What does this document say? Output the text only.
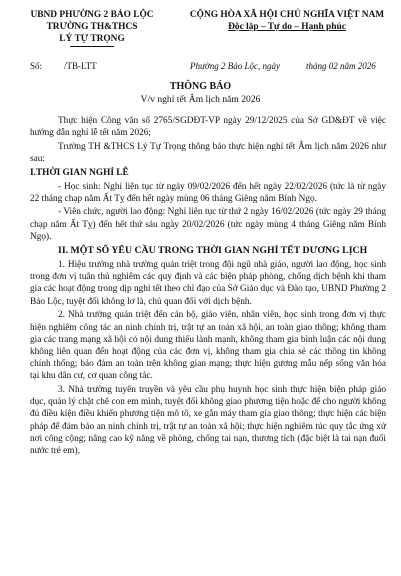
UBND PHƯỜNG 2 BẢO LỘC
TRƯỜNG TH&THCS
LÝ TỰ TRỌNG
CỘNG HÒA XÃ HỘI CHỦ NGHĨA VIỆT NAM
Độc lập – Tự do – Hạnh phúc
Số: /TB-LTT	Phường 2 Bảo Lộc, ngày	tháng 02 năm 2026
THÔNG BÁO
V/v nghỉ tết Âm lịch năm 2026

Thực hiện Công văn số 2765/SGDĐT-VP ngày 29/12/2025 của Sở GD&ĐT về việc hướng dẫn nghỉ lễ tết năm 2026;

Trường TH &THCS Lý Tự Trọng thông báo thực hiện nghỉ tết Âm lịch năm 2026 như sau:

I.THỜI GIAN NGHỈ LỄ

- Học sinh: Nghỉ liên tục từ ngày 09/02/2026 đến hết ngày 22/02/2026 (tức là từ ngày 22 tháng chạp năm Ất Tỵ đến hết ngày mùng 06 tháng Giêng năm Bính Ngọ.

- Viên chức, người lao động: Nghỉ liên tục từ thứ 2 ngày 16/02/2026 (tức ngày 29 tháng chạp năm Ất Tỵ) đến hết thứ sáu ngày 20/02/2026 (tức ngày mùng 4 tháng Giêng năm Bính Ngọ).

II. MỘT SỐ YÊU CẦU TRONG THỜI GIAN NGHỈ TẾT DƯƠNG LỊCH

1. Hiệu trưởng nhà trường quán triệt trong đội ngũ nhà giáo, người lao động, học sinh trong đơn vị tuân thủ nghiêm các quy định và các biện pháp phòng, chống dịch bệnh khi tham gia các hoạt động trong dịp nghỉ tết theo chỉ đạo của Sở Giáo dục và Đào tạo, UBND Phường 2 Bảo Lộc, tuyệt đối không lơ là, chủ quan đối với dịch bệnh.

2. Nhà trường quán triệt đến cán bộ, giáo viên, nhân viên, học sinh trong đơn vị thực hiện nghiêm công tác an ninh chính trị, trật tự an toàn xã hội, an toàn giao thông; không tham gia các trang mạng xã hội có nội dung thiếu lành mạnh, không tham gia bình luận các nội dung không liên quan đến hoạt động của các đơn vị, không tham gia chia sẻ các thông tin không chính thống; bảo đảm an toàn trên không gian mạng; thực hiện gương mẫu nếp sống văn hóa tại khu dân cư, cơ quan công tác.

3. Nhà trường tuyên truyền và yêu cầu phụ huynh học sinh thực hiện biện pháp giáo dục, quản lý chặt chẽ con em mình, tuyệt đối không giao phương tiện hoặc để cho người không đủ điều kiện điều khiển phương tiện mô tô, xe gắn máy tham gia giao thông; thực hiện các biện pháp để đảm bảo an ninh chính trị, trật tự an toàn xã hội; thực hiện nghiêm túc quy tắc ứng xử nơi công cộng; nâng cao kỹ năng về phòng, chống tai nạn, thương tích (đặc biệt là tai nạn đuối nước trẻ em),
